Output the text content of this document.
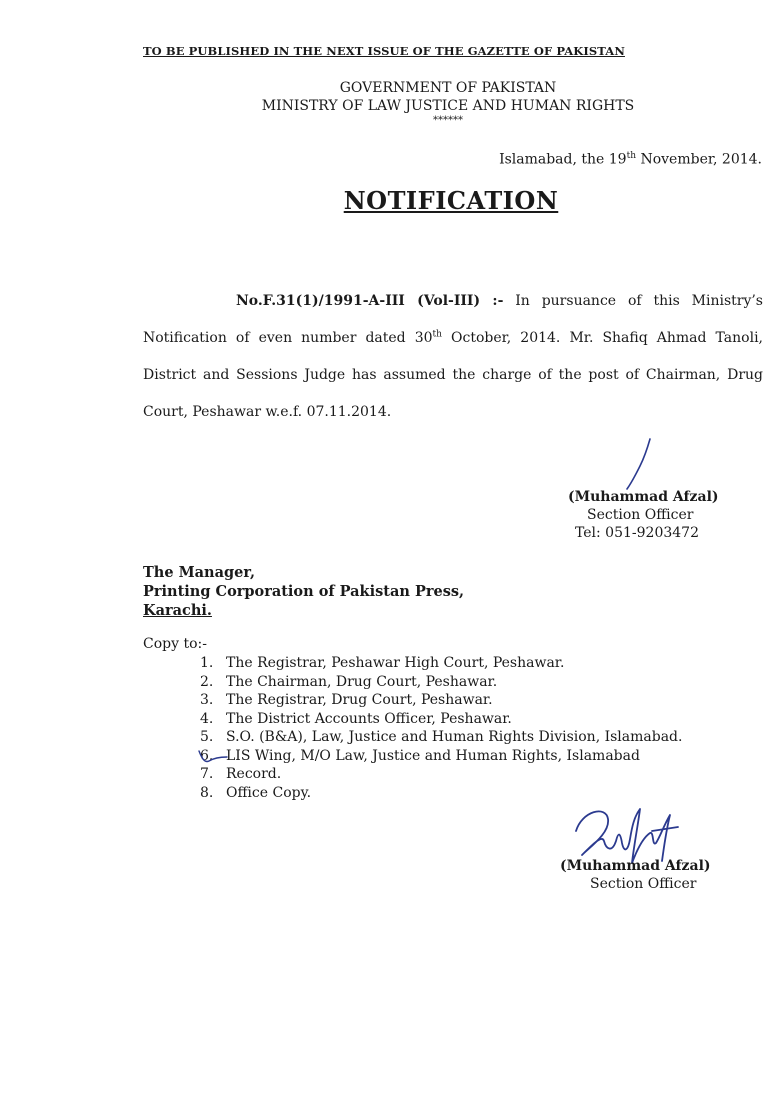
TO BE PUBLISHED IN THE NEXT ISSUE OF THE GAZETTE OF PAKISTAN
GOVERNMENT OF PAKISTAN
MINISTRY OF LAW JUSTICE AND HUMAN RIGHTS
******
Islamabad, the 19th November, 2014.
NOTIFICATION
No.F.31(1)/1991-A-III (Vol-III) :- In pursuance of this Ministry’s Notification of even number dated 30th October, 2014. Mr. Shafiq Ahmad Tanoli, District and Sessions Judge has assumed the charge of the post of Chairman, Drug Court, Peshawar w.e.f. 07.11.2014.
(Muhammad Afzal)
Section Officer
Tel: 051-9203472
The Manager,
Printing Corporation of Pakistan Press,
Karachi.
Copy to:-
1. The Registrar, Peshawar High Court, Peshawar.
2. The Chairman, Drug Court, Peshawar.
3. The Registrar, Drug Court, Peshawar.
4. The District Accounts Officer, Peshawar.
5. S.O. (B&A), Law, Justice and Human Rights Division, Islamabad.
6. LIS Wing, M/O Law, Justice and Human Rights, Islamabad
7. Record.
8. Office Copy.
(Muhammad Afzal)
Section Officer
